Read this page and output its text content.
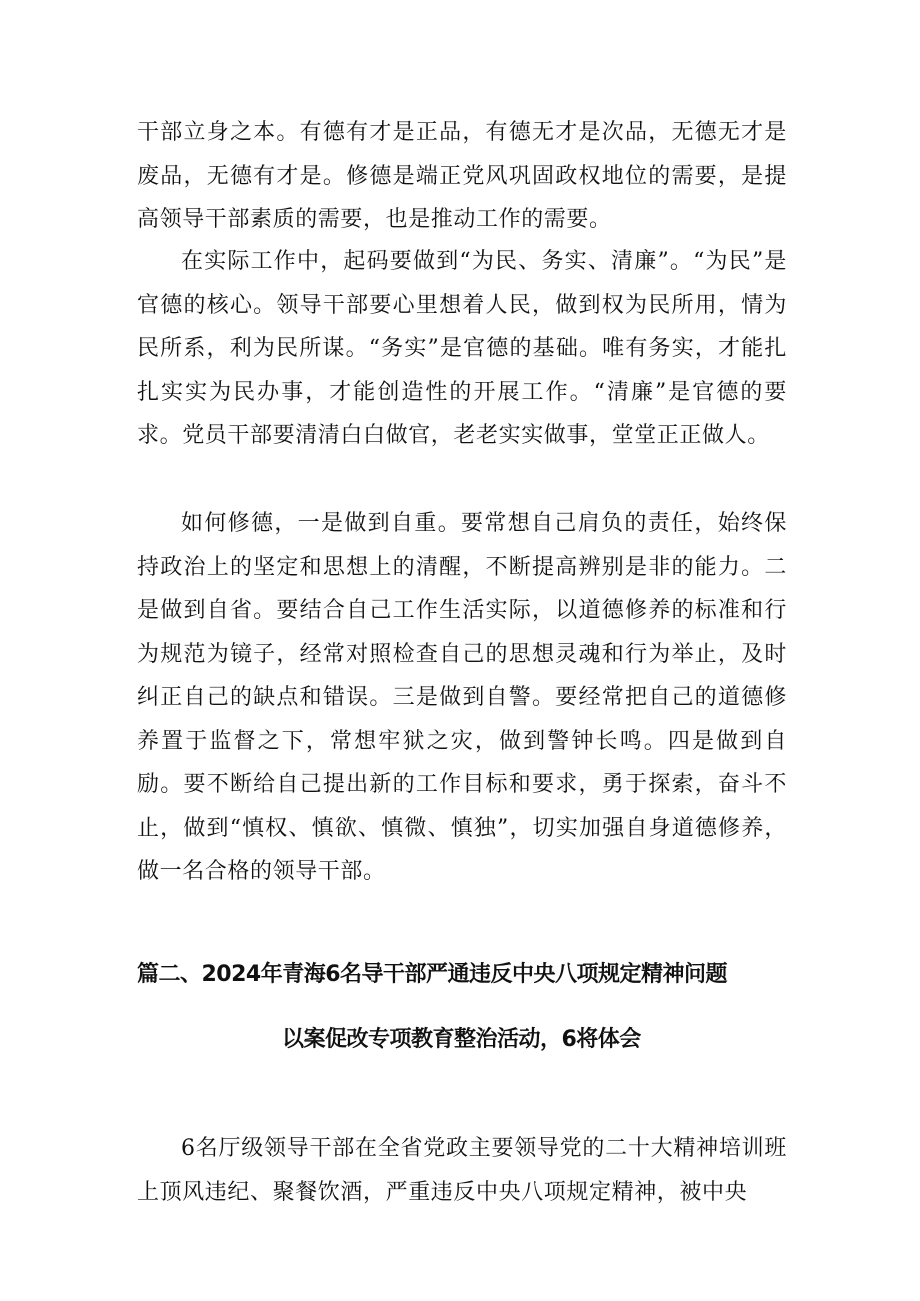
干部立身之本。有德有才是正品，有德无才是次品，无德无才是废品，无德有才是。修德是端正党风巩固政权地位的需要，是提高领导干部素质的需要，也是推动工作的需要。

在实际工作中，起码要做到“为民、务实、清廉”。“为民”是官德的核心。领导干部要心里想着人民，做到权为民所用，情为民所系，利为民所谋。“务实”是官德的基础。唯有务实，才能扎扎实实为民办事，才能创造性的开展工作。“清廉”是官德的要求。党员干部要清清白白做官，老老实实做事，堂堂正正做人。

如何修德，一是做到自重。要常想自己肩负的责任，始终保持政治上的坚定和思想上的清醒，不断提高辨别是非的能力。二是做到自省。要结合自己工作生活实际，以道德修养的标准和行为规范为镜子，经常对照检查自己的思想灵魂和行为举止，及时纠正自己的缺点和错误。三是做到自警。要经常把自己的道德修养置于监督之下，常想牢狱之灾，做到警钟长鸣。四是做到自励。要不断给自己提出新的工作目标和要求，勇于探索，奋斗不止，做到“慎权、慎欲、慎微、慎独”，切实加强自身道德修养，做一名合格的领导干部。

篇二、2024年青海6名导干部严通违反中央八项规定精神问题
以案促改专项教育整治活动，6将体会

6名厅级领导干部在全省党政主要领导党的二十大精神培训班上顶风违纪、聚餐饮酒，严重违反中央八项规定精神，被中央
